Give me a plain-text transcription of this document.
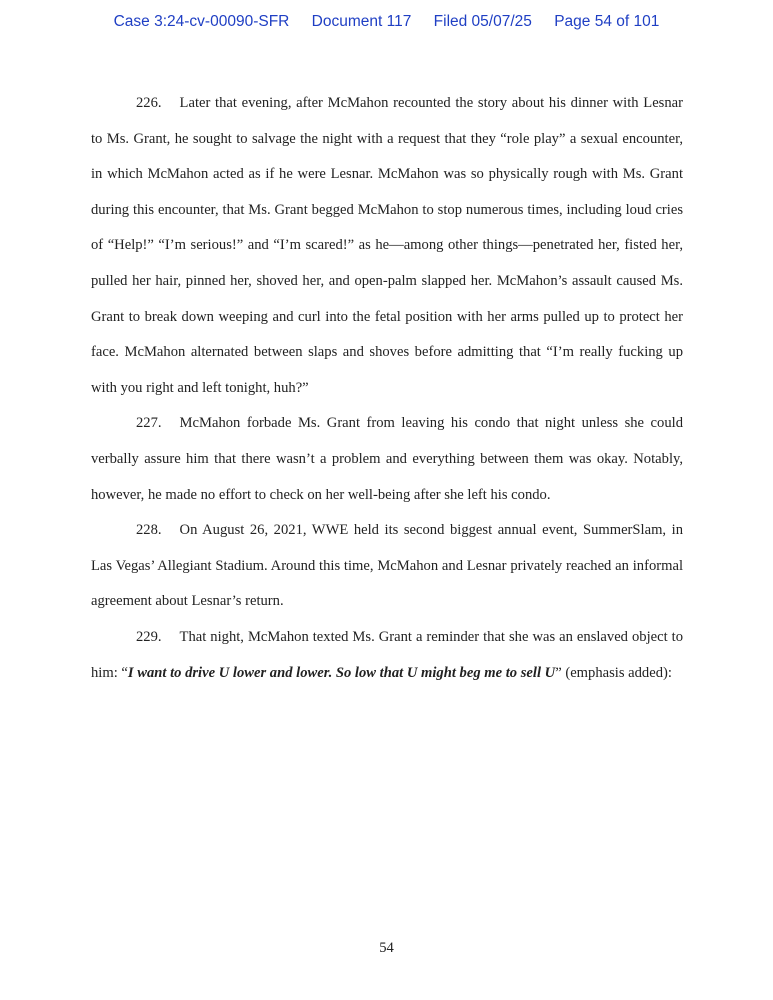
Case 3:24-cv-00090-SFR Document 117 Filed 05/07/25 Page 54 of 101

226. Later that evening, after McMahon recounted the story about his dinner with Lesnar to Ms. Grant, he sought to salvage the night with a request that they “role play” a sexual encounter, in which McMahon acted as if he were Lesnar. McMahon was so physically rough with Ms. Grant during this encounter, that Ms. Grant begged McMahon to stop numerous times, including loud cries of “Help!” “I’m serious!” and “I’m scared!” as he—among other things—penetrated her, fisted her, pulled her hair, pinned her, shoved her, and open-palm slapped her. McMahon’s assault caused Ms. Grant to break down weeping and curl into the fetal position with her arms pulled up to protect her face. McMahon alternated between slaps and shoves before admitting that “I’m really fucking up with you right and left tonight, huh?”

227. McMahon forbade Ms. Grant from leaving his condo that night unless she could verbally assure him that there wasn’t a problem and everything between them was okay. Notably, however, he made no effort to check on her well-being after she left his condo.

228. On August 26, 2021, WWE held its second biggest annual event, SummerSlam, in Las Vegas’ Allegiant Stadium. Around this time, McMahon and Lesnar privately reached an informal agreement about Lesnar’s return.

229. That night, McMahon texted Ms. Grant a reminder that she was an enslaved object to him: “I want to drive U lower and lower. So low that U might beg me to sell U” (emphasis added):

54
